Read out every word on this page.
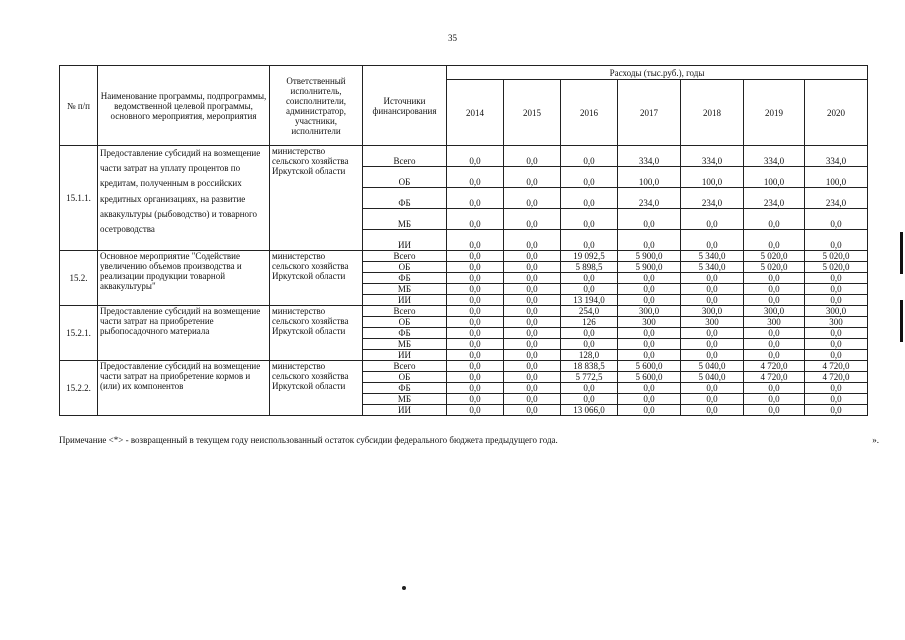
35
№ п/п	Наименование программы, подпрограммы, ведомственной целевой программы, основного мероприятия, мероприятия	Ответственный исполнитель, соисполнители, администратор, участники, исполнители	Источники финансирования	Расходы (тыс.руб.), годы						
				2014	2015	2016	2017	2018	2019	2020
15.1.1.	Предоставление субсидий на возмещение части затрат на уплату процентов по кредитам, полученным в российских кредитных организациях, на развитие аквакультуры (рыбоводство) и товарного осетроводства	министерство сельского хозяйства Иркутской области	Всего	0,0	0,0	0,0	334,0	334,0	334,0	334,0
			ОБ	0,0	0,0	0,0	100,0	100,0	100,0	100,0
			ФБ	0,0	0,0	0,0	234,0	234,0	234,0	234,0
			МБ	0,0	0,0	0,0	0,0	0,0	0,0	0,0
			ИИ	0,0	0,0	0,0	0,0	0,0	0,0	0,0
15.2.	Основное мероприятие "Содействие увеличению объемов производства и реализации продукции товарной аквакультуры"	министерство сельского хозяйства Иркутской области	Всего	0,0	0,0	19 092,5	5 900,0	5 340,0	5 020,0	5 020,0
			ОБ	0,0	0,0	5 898,5	5 900,0	5 340,0	5 020,0	5 020,0
			ФБ	0,0	0,0	0,0	0,0	0,0	0,0	0,0
			МБ	0,0	0,0	0,0	0,0	0,0	0,0	0,0
			ИИ	0,0	0,0	13 194,0	0,0	0,0	0,0	0,0
15.2.1.	Предоставление субсидий на возмещение части затрат на приобретение рыбопосадочного материала	министерство сельского хозяйства Иркутской области	Всего	0,0	0,0	254,0	300,0	300,0	300,0	300,0
			ОБ	0,0	0,0	126	300	300	300	300
			ФБ	0,0	0,0	0,0	0,0	0,0	0,0	0,0
			МБ	0,0	0,0	0,0	0,0	0,0	0,0	0,0
			ИИ	0,0	0,0	128,0	0,0	0,0	0,0	0,0
15.2.2.	Предоставление субсидий на возмещение части затрат на приобретение кормов и (или) их компонентов	министерство сельского хозяйства Иркутской области	Всего	0,0	0,0	18 838,5	5 600,0	5 040,0	4 720,0	4 720,0
			ОБ	0,0	0,0	5 772,5	5 600,0	5 040,0	4 720,0	4 720,0
			ФБ	0,0	0,0	0,0	0,0	0,0	0,0	0,0
			МБ	0,0	0,0	0,0	0,0	0,0	0,0	0,0
			ИИ	0,0	0,0	13 066,0	0,0	0,0	0,0	0,0
Примечание <*> - возвращенный в текущем году неиспользованный остаток субсидии федерального бюджета предыдущего года.	».
